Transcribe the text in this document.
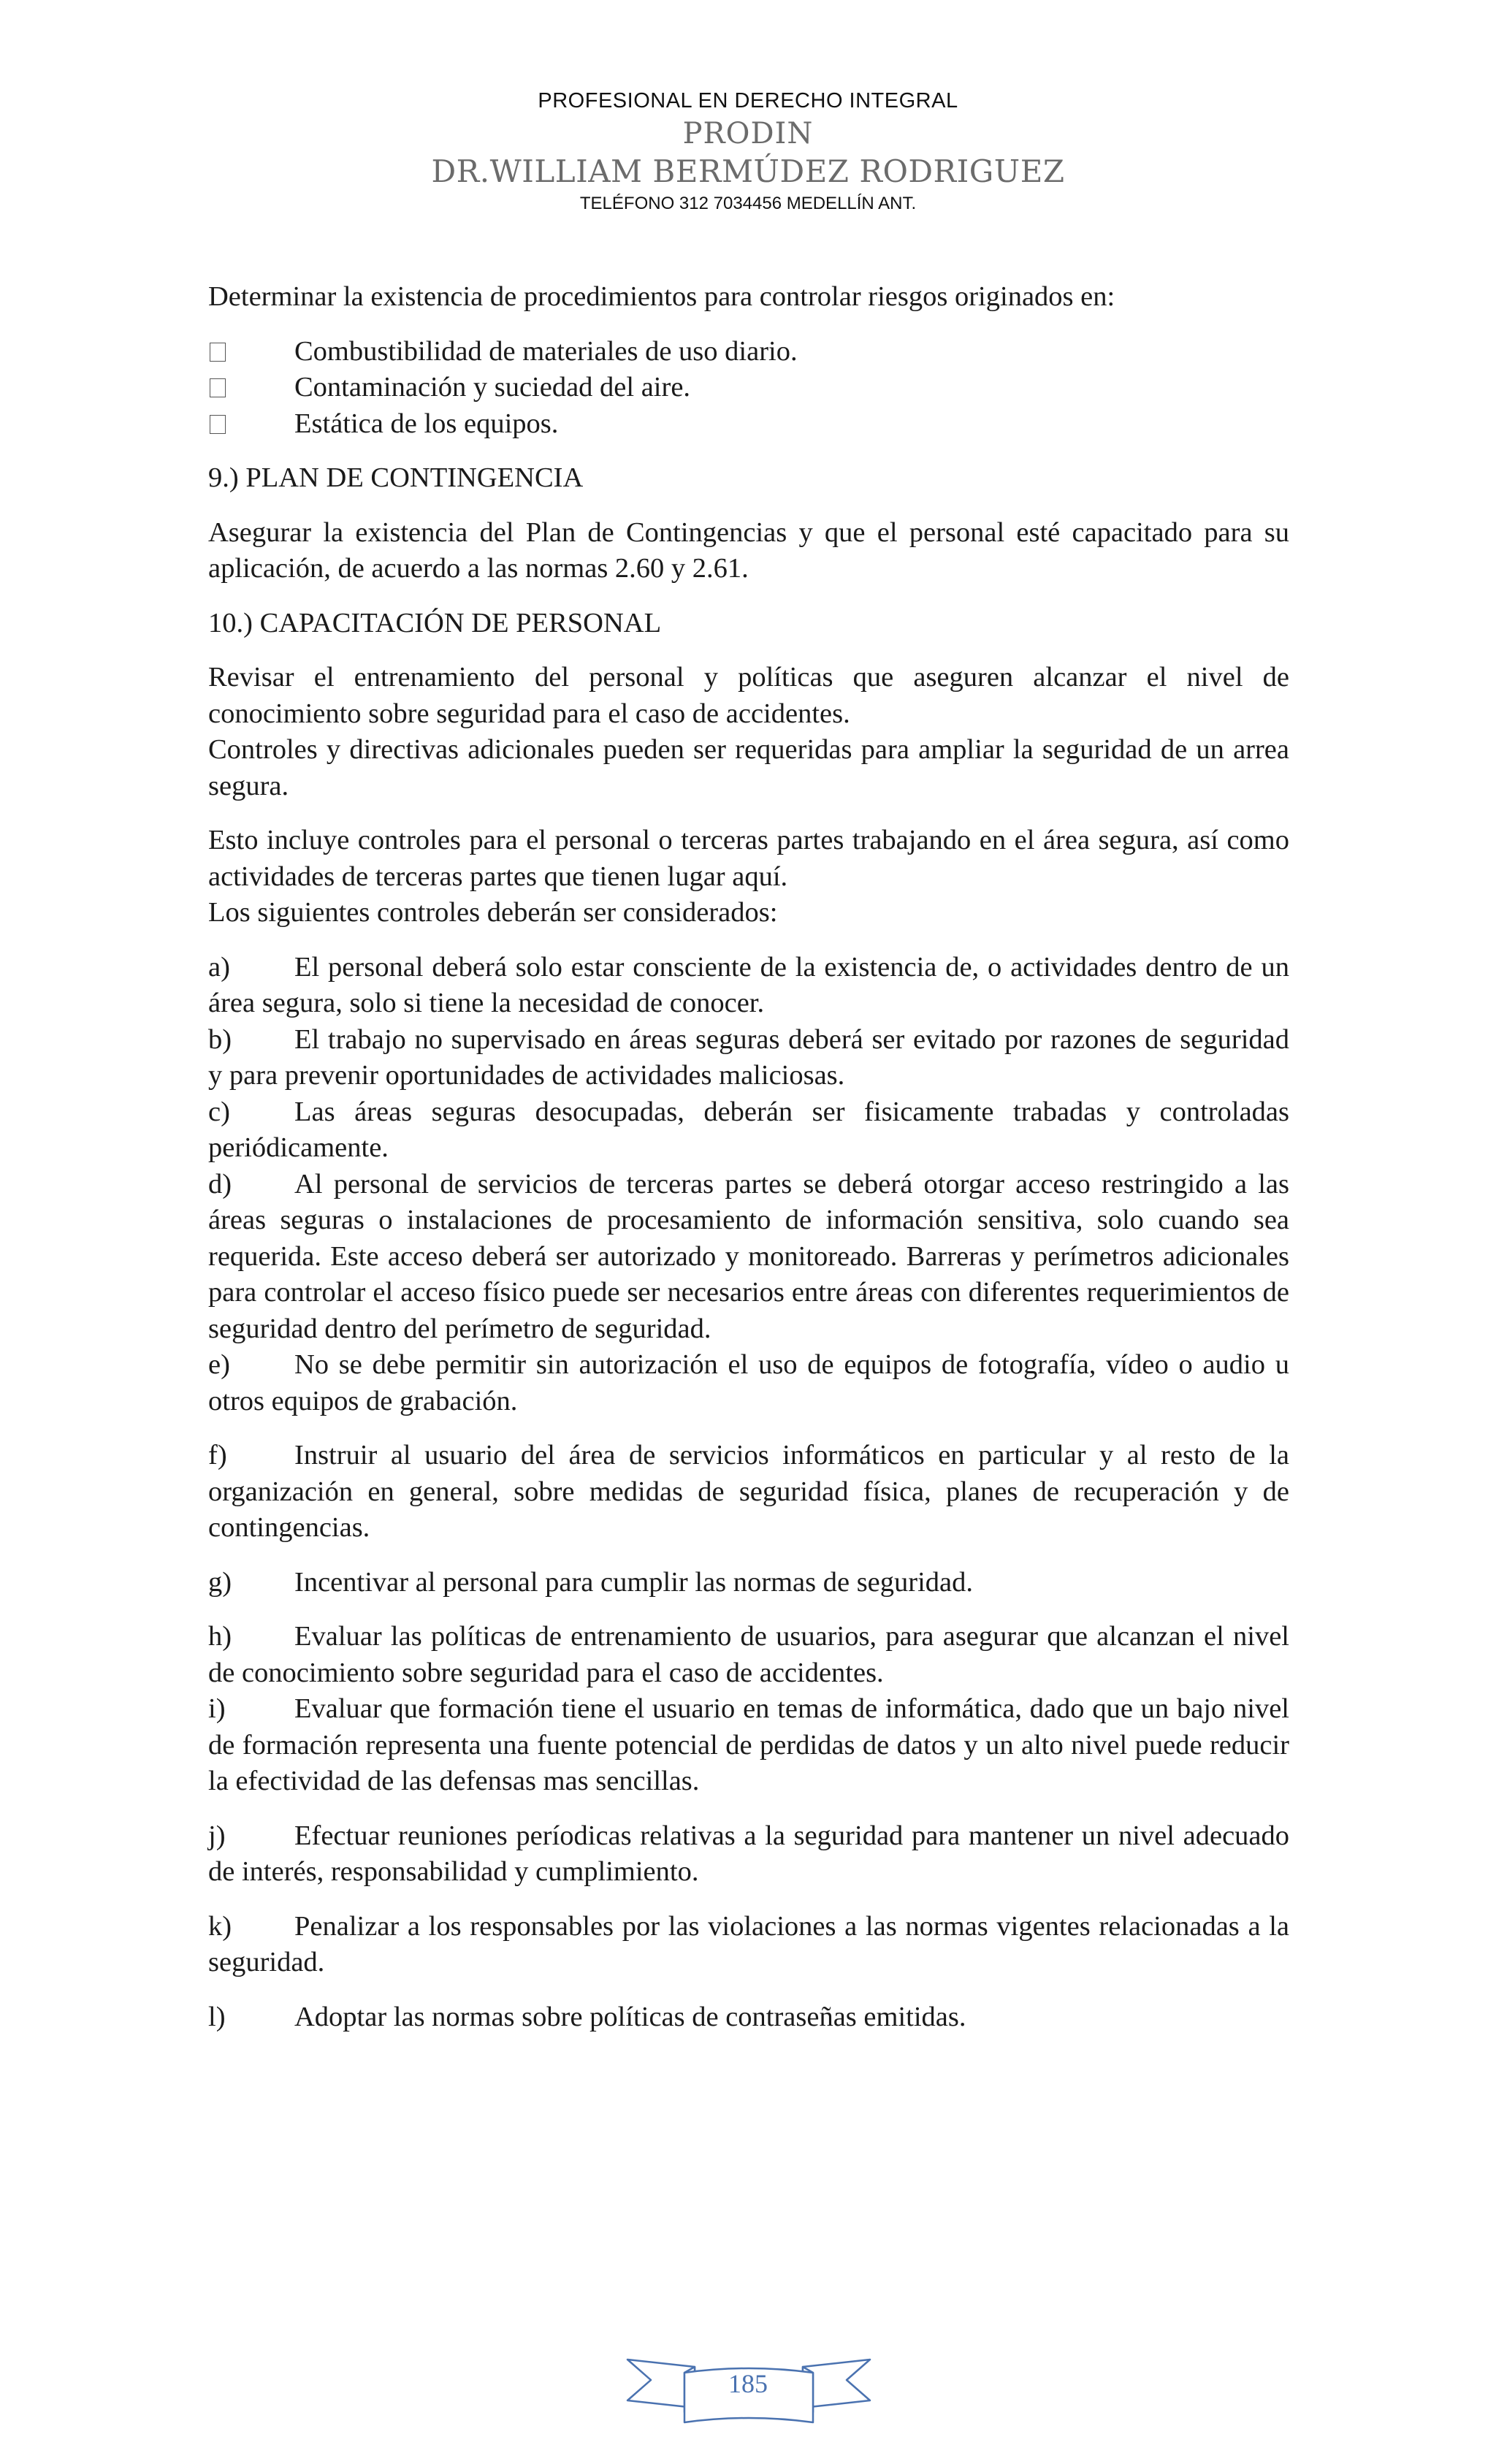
PROFESIONAL EN DERECHO INTEGRAL
PRODIN
DR.WILLIAM BERMÚDEZ RODRIGUEZ
TELÉFONO 312 7034456 MEDELLÍN ANT.

Determinar la existencia de procedimientos para controlar riesgos originados en:

Combustibilidad de materiales de uso diario.
Contaminación y suciedad del aire.
Estática de los equipos.

9.) PLAN DE CONTINGENCIA

Asegurar la existencia del Plan de Contingencias y que el personal esté capacitado para su aplicación, de acuerdo a las normas 2.60 y 2.61.

10.) CAPACITACIÓN DE PERSONAL

Revisar el entrenamiento del personal y políticas que aseguren alcanzar el nivel de conocimiento sobre seguridad para el caso de accidentes.

Controles y directivas adicionales pueden ser requeridas para ampliar la seguridad de un arrea segura.

Esto incluye controles para el personal o terceras partes trabajando en el área segura, así como actividades de terceras partes que tienen lugar aquí.

Los siguientes controles deberán ser considerados:

a) El personal deberá solo estar consciente de la existencia de, o actividades dentro de un área segura, solo si tiene la necesidad de conocer.

b) El trabajo no supervisado en áreas seguras deberá ser evitado por razones de seguridad y para prevenir oportunidades de actividades maliciosas.

c) Las áreas seguras desocupadas, deberán ser fisicamente trabadas y controladas periódicamente.

d) Al personal de servicios de terceras partes se deberá otorgar acceso restringido a las áreas seguras o instalaciones de procesamiento de información sensitiva, solo cuando sea requerida. Este acceso deberá ser autorizado y monitoreado. Barreras y perímetros adicionales para controlar el acceso físico puede ser necesarios entre áreas con diferentes requerimientos de seguridad dentro del perímetro de seguridad.

e) No se debe permitir sin autorización el uso de equipos de fotografía, vídeo o audio u otros equipos de grabación.

f) Instruir al usuario del área de servicios informáticos en particular y al resto de la organización en general, sobre medidas de seguridad física, planes de recuperación y de contingencias.

g) Incentivar al personal para cumplir las normas de seguridad.

h) Evaluar las políticas de entrenamiento de usuarios, para asegurar que alcanzan el nivel de conocimiento sobre seguridad para el caso de accidentes.

i) Evaluar que formación tiene el usuario en temas de informática, dado que un bajo nivel de formación representa una fuente potencial de perdidas de datos y un alto nivel puede reducir la efectividad de las defensas mas sencillas.

j) Efectuar reuniones períodicas relativas a la seguridad para mantener un nivel adecuado de interés, responsabilidad y cumplimiento.

k) Penalizar a los responsables por las violaciones a las normas vigentes relacionadas a la seguridad.

l) Adoptar las normas sobre políticas de contraseñas emitidas.

185
